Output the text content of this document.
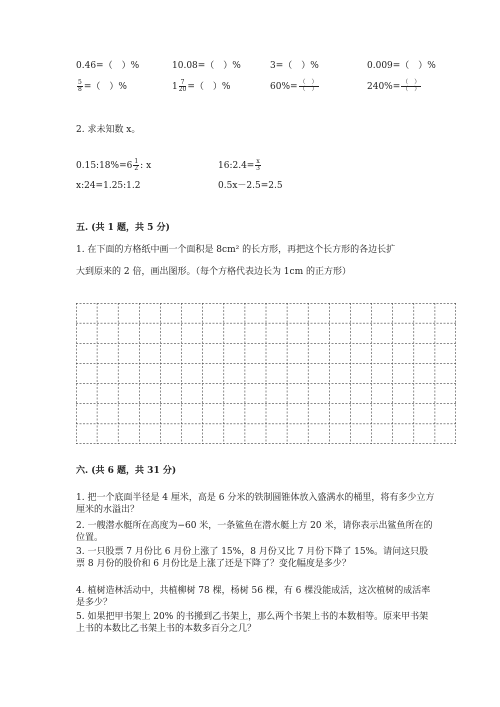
0.46=（　）%	10.08=（　）%	3=（　）%	0.009=（　）%
$\frac{5}{8}$ =（　）%	$1 \frac{7}{20}$ =（　）%	$60\%= \frac{( )}{( )}$	$240\%= \frac{( )}{( )}$
2. 求未知数 x。
0.15:18%=6 $\frac{1}{2}$ : x	16:2.4= $\frac{x}{3}$
x:24=1.25:1.2	0.5x－2.5=2.5
五. (共 1 题，共 5 分)
1. 在下面的方格纸中画一个面积是 8cm² 的长方形，再把这个长方形的各边长扩
大到原来的 2 倍，画出图形。（每个方格代表边长为 1cm 的正方形）
六. (共 6 题，共 31 分)
1. 把一个底面半径是 4 厘米，高是 6 分米的铁制圆锥体放入盛满水的桶里，将有多少立方厘米的水溢出？
2. 一艘潜水艇所在高度为−60 米，一条鲨鱼在潜水艇上方 20 米，请你表示出鲨鱼所在的位置。
3. 一只股票 7 月份比 6 月份上涨了 15%，8 月份又比 7 月份下降了 15%。请问这只股票 8 月份的股价和 6 月份比是上涨了还是下降了？变化幅度是多少？
4. 植树造林活动中，共植柳树 78 棵，杨树 56 棵，有 6 棵没能成活，这次植树的成活率是多少？
5. 如果把甲书架上 20% 的书搬到乙书架上，那么两个书架上书的本数相等。原来甲书架上书的本数比乙书架上书的本数多百分之几？
